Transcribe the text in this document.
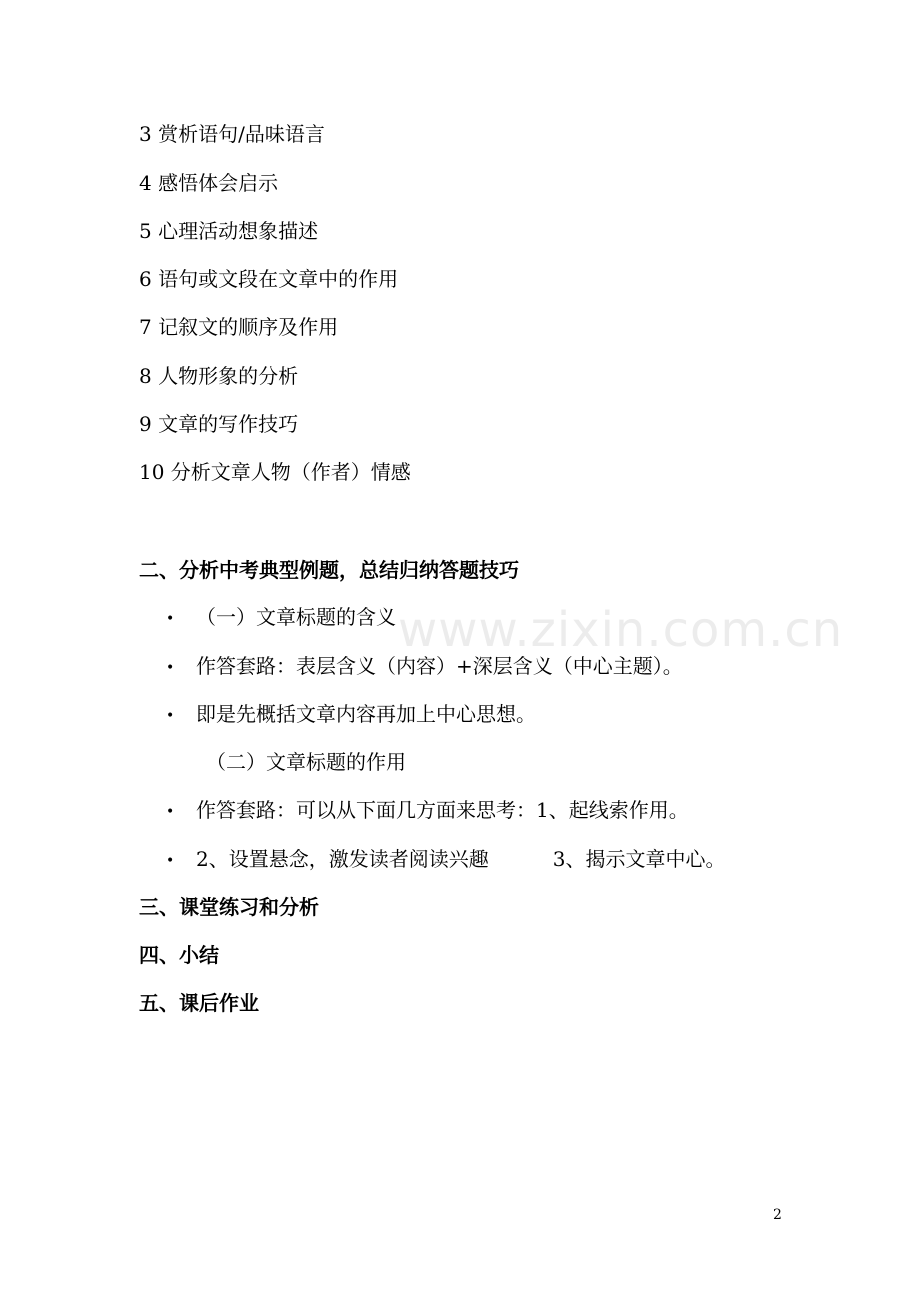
www.zixin.com.cn
3 赏析语句/品味语言
4 感悟体会启示
5 心理活动想象描述
6 语句或文段在文章中的作用
7 记叙文的顺序及作用
8 人物形象的分析
9 文章的写作技巧
10 分析文章人物（作者）情感
二、分析中考典型例题，总结归纳答题技巧
• （一）文章标题的含义
• 作答套路：表层含义（内容）+深层含义（中心主题）。
• 即是先概括文章内容再加上中心思想。
（二）文章标题的作用
• 作答套路：可以从下面几方面来思考：1、起线索作用。
• 2、设置悬念，激发读者阅读兴趣	3、揭示文章中心。
三、课堂练习和分析
四、小结
五、课后作业
2
